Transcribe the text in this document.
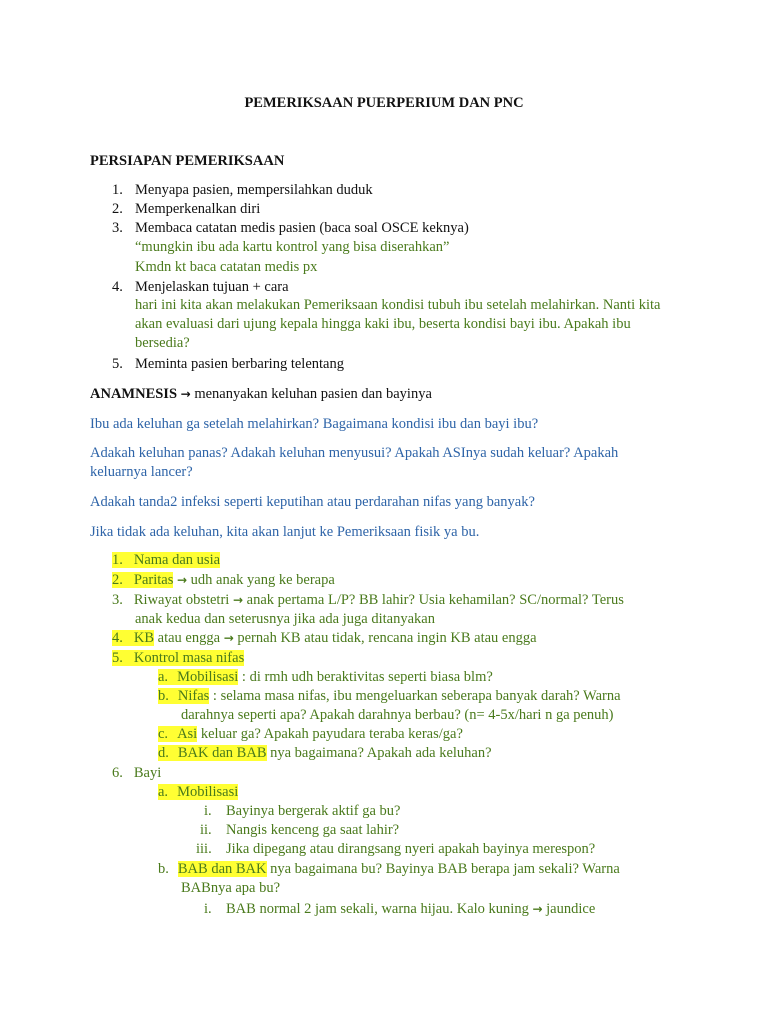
PEMERIKSAAN PUERPERIUM DAN PNC
PERSIAPAN PEMERIKSAAN
1. Menyapa pasien, mempersilahkan duduk
2. Memperkenalkan diri
3. Membaca catatan medis pasien (baca soal OSCE keknya)
“mungkin ibu ada kartu kontrol yang bisa diserahkan”
Kmdn kt baca catatan medis px
4. Menjelaskan tujuan + cara
hari ini kita akan melakukan Pemeriksaan kondisi tubuh ibu setelah melahirkan. Nanti kita akan evaluasi dari ujung kepala hingga kaki ibu, beserta kondisi bayi ibu. Apakah ibu bersedia?
5. Meminta pasien berbaring telentang
ANAMNESIS → menanyakan keluhan pasien dan bayinya
Ibu ada keluhan ga setelah melahirkan? Bagaimana kondisi ibu dan bayi ibu?
Adakah keluhan panas? Adakah keluhan menyusui? Apakah ASInya sudah keluar? Apakah keluarnya lancer?
Adakah tanda2 infeksi seperti keputihan atau perdarahan nifas yang banyak?
Jika tidak ada keluhan, kita akan lanjut ke Pemeriksaan fisik ya bu.
1. Nama dan usia
2. Paritas → udh anak yang ke berapa
3. Riwayat obstetri → anak pertama L/P? BB lahir? Usia kehamilan? SC/normal? Terus
anak kedua dan seterusnya jika ada juga ditanyakan
4. KB atau engga → pernah KB atau tidak, rencana ingin KB atau engga
5. Kontrol masa nifas
a. Mobilisasi : di rmh udh beraktivitas seperti biasa blm?
b. Nifas : selama masa nifas, ibu mengeluarkan seberapa banyak darah? Warna
darahnya seperti apa? Apakah darahnya berbau? (n= 4-5x/hari n ga penuh)
c. Asi keluar ga? Apakah payudara teraba keras/ga?
d. BAK dan BAB nya bagaimana? Apakah ada keluhan?
6. Bayi
a. Mobilisasi
i. Bayinya bergerak aktif ga bu?
ii. Nangis kenceng ga saat lahir?
iii. Jika dipegang atau dirangsang nyeri apakah bayinya merespon?
b. BAB dan BAK nya bagaimana bu? Bayinya BAB berapa jam sekali? Warna
BABnya apa bu?
i. BAB normal 2 jam sekali, warna hijau. Kalo kuning → jaundice
